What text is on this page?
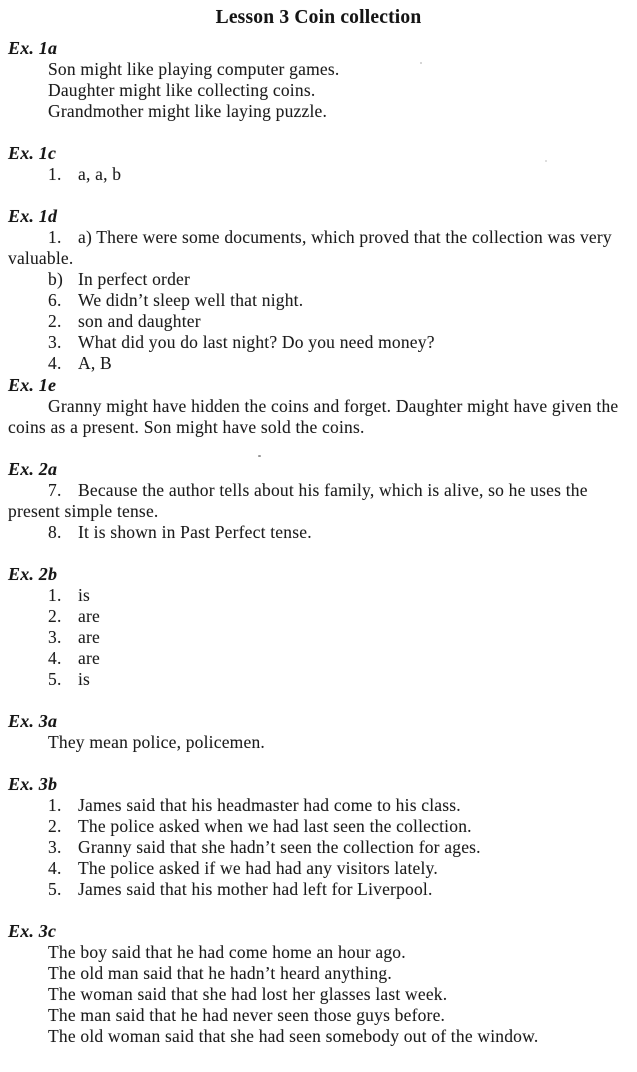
Lesson 3 Coin collection
Ex. 1a

Son might like playing computer games.

Daughter might like collecting coins.

Grandmother might like laying puzzle.

Ex. 1c

1. a, a, b

Ex. 1d

1. a) There were some documents, which proved that the collection was very valuable.

b) In perfect order

6. We didn’t sleep well that night.

2. son and daughter

3. What did you do last night? Do you need money?

4. A, B

Ex. 1e

Granny might have hidden the coins and forget. Daughter might have given the coins as a present. Son might have sold the coins.

Ex. 2a

7. Because the author tells about his family, which is alive, so he uses the present simple tense.

8. It is shown in Past Perfect tense.

Ex. 2b

1. is

2. are

3. are

4. are

5. is

Ex. 3a

They mean police, policemen.

Ex. 3b

1. James said that his headmaster had come to his class.

2. The police asked when we had last seen the collection.

3. Granny said that she hadn’t seen the collection for ages.

4. The police asked if we had had any visitors lately.

5. James said that his mother had left for Liverpool.

Ex. 3c

The boy said that he had come home an hour ago.

The old man said that he hadn’t heard anything.

The woman said that she had lost her glasses last week.

The man said that he had never seen those guys before.

The old woman said that she had seen somebody out of the window.
